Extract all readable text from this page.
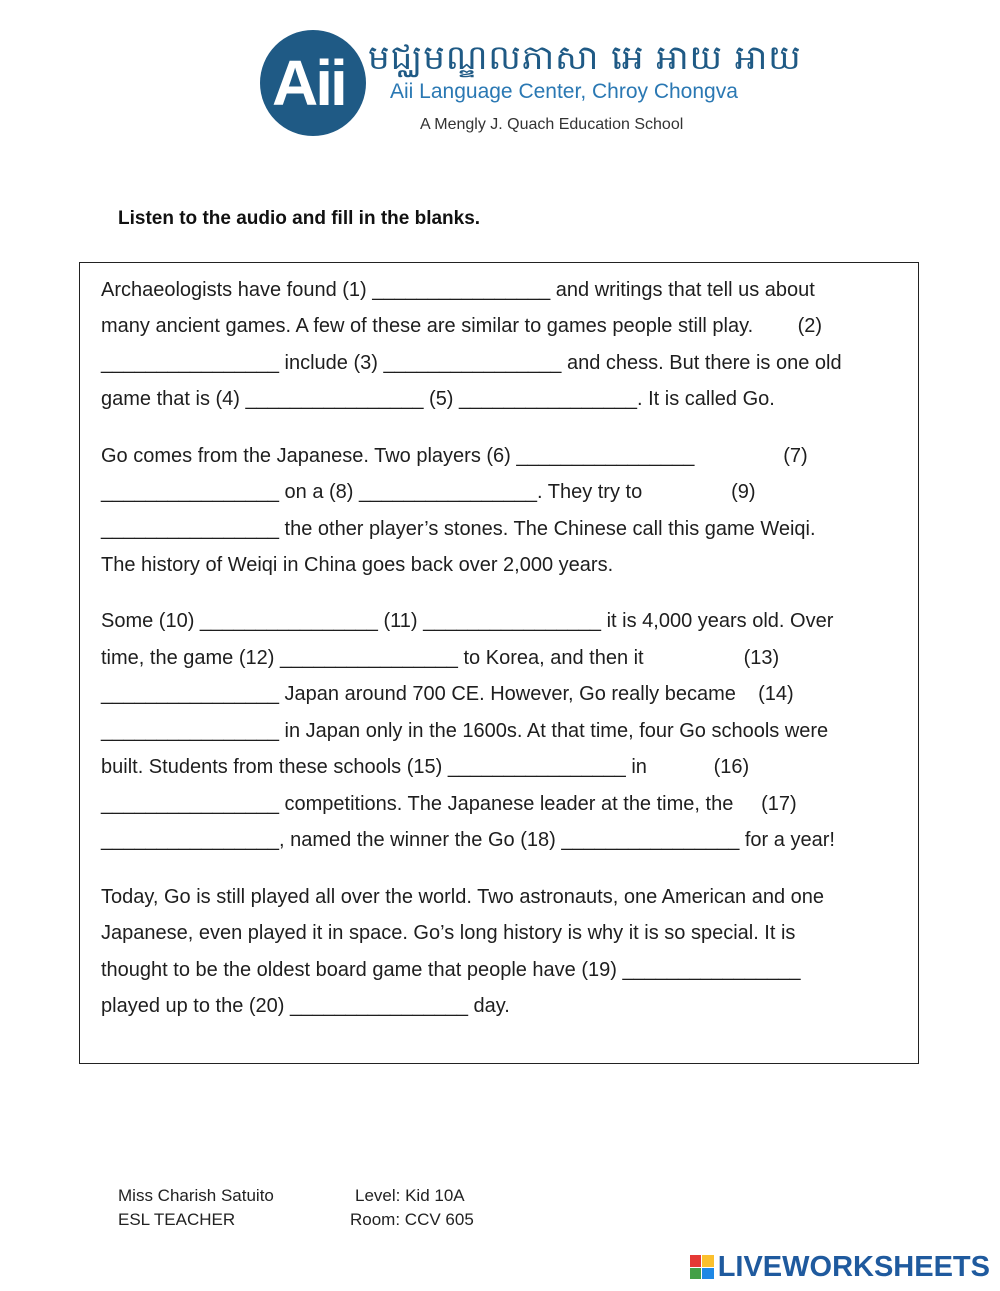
Aii មជ្ឈមណ្ឌលភាសា អេ អាយ អាយ
Aii Language Center, Chroy Chongva
A Mengly J. Quach Education School
Listen to the audio and fill in the blanks.
Archaeologists have found (1) ________________ and writings that tell us about
many ancient games. A few of these are similar to games people still play.        (2)
________________ include (3) ________________ and chess. But there is one old
game that is (4) ________________ (5) ________________. It is called Go.
Go comes from the Japanese. Two players (6) ________________                (7)
________________ on a (8) ________________. They try to                (9)
________________ the other player’s stones. The Chinese call this game Weiqi.
The history of Weiqi in China goes back over 2,000 years.
Some (10) ________________ (11) ________________ it is 4,000 years old. Over
time, the game (12) ________________ to Korea, and then it                  (13)
________________ Japan around 700 CE. However, Go really became    (14)
________________ in Japan only in the 1600s. At that time, four Go schools were
built. Students from these schools (15) ________________ in            (16)
________________ competitions. The Japanese leader at the time, the     (17)
________________, named the winner the Go (18) ________________ for a year!
Today, Go is still played all over the world. Two astronauts, one American and one
Japanese, even played it in space. Go’s long history is why it is so special. It is
thought to be the oldest board game that people have (19) ________________
played up to the (20) ________________ day.
Miss Charish Satuito
ESL TEACHER
Level: Kid 10A
Room: CCV 605
LIVEWORKSHEETS
